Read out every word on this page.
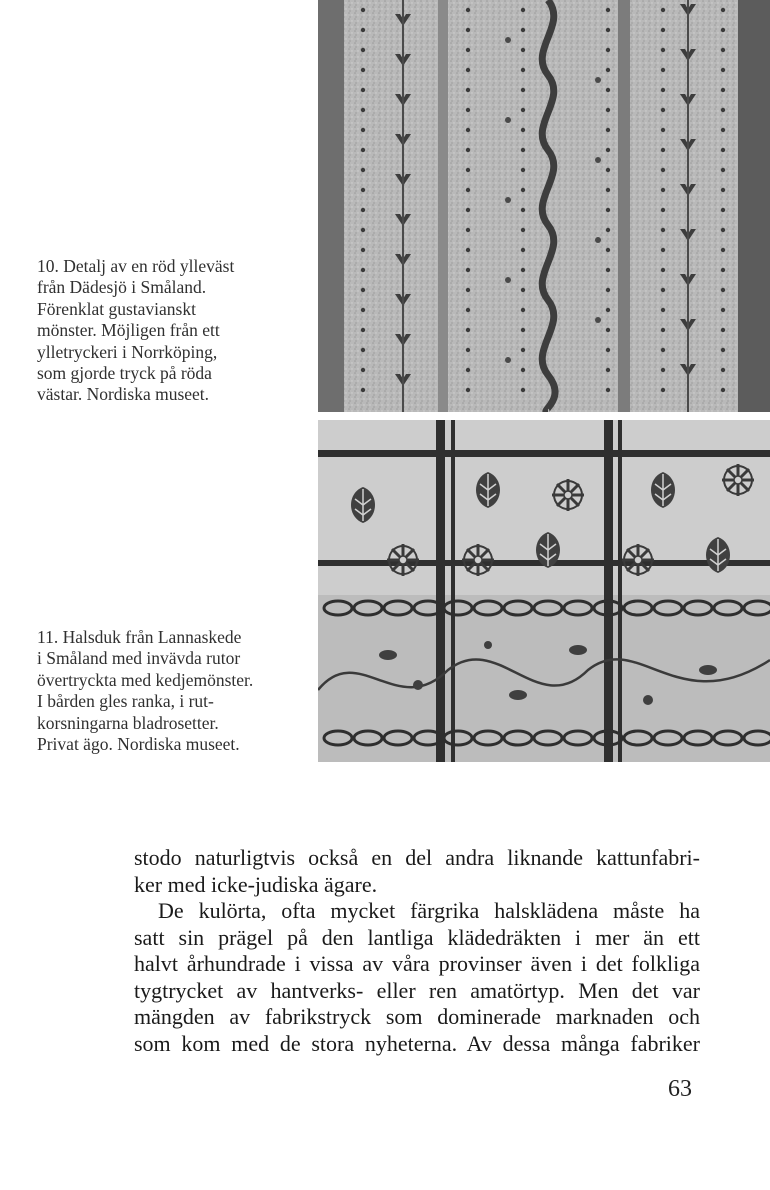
10. Detalj av en röd ylleväst
från Dädesjö i Småland.
Förenklat gustavianskt
mönster. Möjligen från ett
ylletryckeri i Norrköping,
som gjorde tryck på röda
västar. Nordiska museet.
11. Halsduk från Lannaskede
i Småland med invävda rutor
övertryckta med kedjemönster.
I bården gles ranka, i rut-
korsningarna bladrosetter.
Privat ägo. Nordiska museet.

stodo naturligtvis också en del andra liknande kattunfabri-
ker med icke-judiska ägare.

De kulörta, ofta mycket färgrika halsklädena måste ha
satt sin prägel på den lantliga klädedräkten i mer än ett
halvt århundrade i vissa av våra provinser även i det folkliga
tygtrycket av hantverks- eller ren amatörtyp. Men det var
mängden av fabrikstryck som dominerade marknaden och
som kom med de stora nyheterna. Av dessa många fabriker

63
